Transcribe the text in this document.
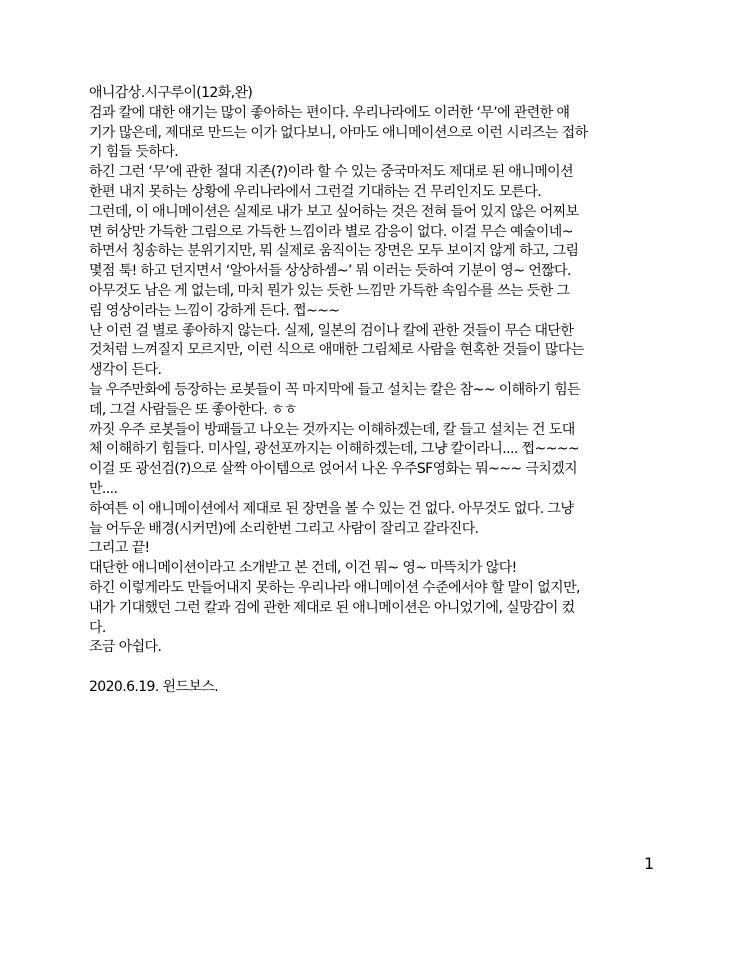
애니감상.시구루이(12화,완)
검과 칼에 대한 얘기는 많이 좋아하는 편이다. 우리나라에도 이러한 ‘무’에 관련한 얘
기가 많은데, 제대로 만드는 이가 없다보니, 아마도 애니메이션으로 이런 시리즈는 접하
기 힘들 듯하다.
하긴 그런 ‘무’에 관한 절대 지존(?)이라 할 수 있는 중국마저도 제대로 된 애니메이션
한편 내지 못하는 상황에 우리나라에서 그런걸 기대하는 건 무리인지도 모른다.
그런데, 이 애니메이션은 실제로 내가 보고 싶어하는 것은 전혀 들어 있지 않은 어찌보
면 허상만 가득한 그림으로 가득한 느낌이라 별로 감응이 없다. 이걸 무슨 예술이네~
하면서 칭송하는 분위기지만, 뭐 실제로 움직이는 장면은 모두 보이지 않게 하고, 그림
몇점 툭! 하고 던지면서 ‘알아서들 상상하셈~’ 뭐 이러는 듯하여 기분이 영~ 언짢다.
아무것도 남은 게 없는데, 마치 뭔가 있는 듯한 느낌만 가득한 속임수를 쓰는 듯한 그
림 영상이라는 느낌이 강하게 든다. 쩝~~~
난 이런 걸 별로 좋아하지 않는다. 실제, 일본의 검이나 칼에 관한 것들이 무슨 대단한
것처럼 느껴질지 모르지만, 이런 식으로 애매한 그림체로 사람을 현혹한 것들이 많다는
생각이 든다.
늘 우주만화에 등장하는 로봇들이 꼭 마지막에 들고 설치는 칼은 참~~ 이해하기 힘든
데, 그걸 사람들은 또 좋아한다. ㅎㅎ
까짓 우주 로봇들이 방패들고 나오는 것까지는 이해하겠는데, 칼 들고 설치는 건 도대
체 이해하기 힘들다. 미사일, 광선포까지는 이해하겠는데, 그냥 칼이라니.... 쩝~~~~
이걸 또 광선검(?)으로 살짝 아이템으로 얹어서 나온 우주SF영화는 뭐~~~ 극치겠지
만....
하여튼 이 애니메이션에서 제대로 된 장면을 볼 수 있는 건 없다. 아무것도 없다. 그냥
늘 어두운 배경(시커먼)에 소리한번 그리고 사람이 잘리고 갈라진다.
그리고 끝!
대단한 애니메이션이라고 소개받고 본 건데, 이건 뭐~ 영~ 마뜩치가 않다!
하긴 이렇게라도 만들어내지 못하는 우리나라 애니메이션 수준에서야 할 말이 없지만,
내가 기대했던 그런 칼과 검에 관한 제대로 된 애니메이션은 아니었기에, 실망감이 컸
다.
조금 아쉽다.
2020.6.19. 윈드보스.
1
